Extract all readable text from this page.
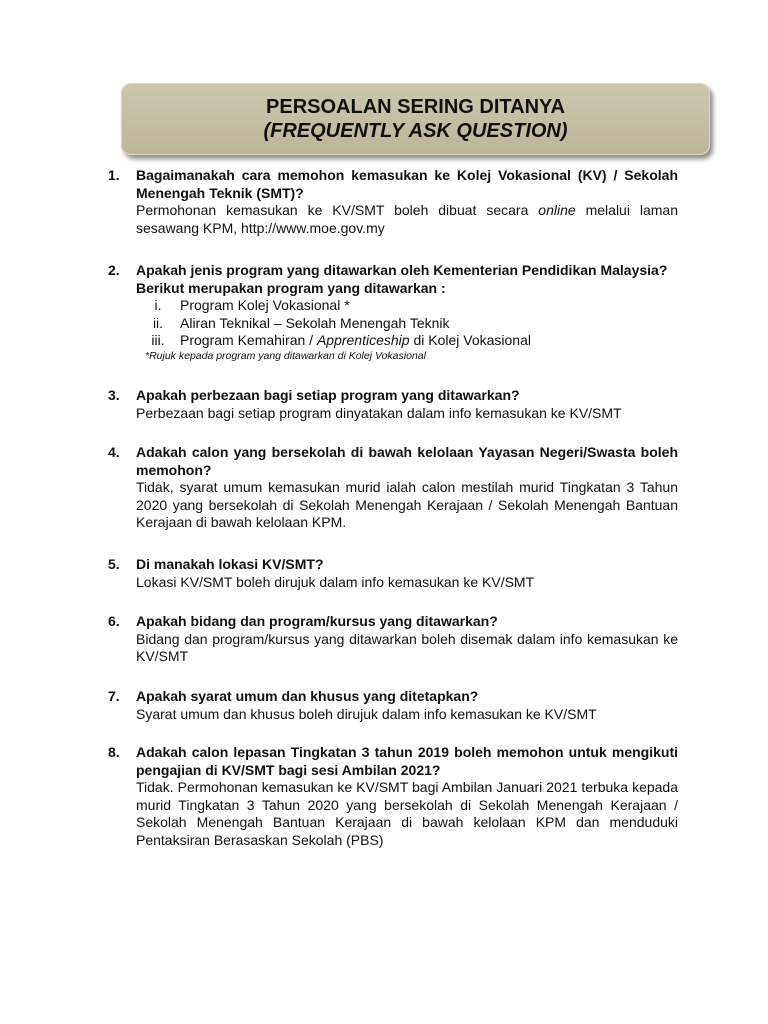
PERSOALAN SERING DITANYA
(FREQUENTLY ASK QUESTION)
1.	Bagaimanakah cara memohon kemasukan ke Kolej Vokasional (KV) / Sekolah Menengah Teknik (SMT)?
Permohonan kemasukan ke KV/SMT boleh dibuat secara online melalui laman sesawang KPM, http://www.moe.gov.my
2.	Apakah jenis program yang ditawarkan oleh Kementerian Pendidikan Malaysia?
Berikut merupakan program yang ditawarkan :
i.	Program Kolej Vokasional *
ii.	Aliran Teknikal – Sekolah Menengah Teknik
iii.	Program Kemahiran / Apprenticeship di Kolej Vokasional
*Rujuk kepada program yang ditawarkan di Kolej Vokasional
3.	Apakah perbezaan bagi setiap program yang ditawarkan?
Perbezaan bagi setiap program dinyatakan dalam info kemasukan ke KV/SMT
4.	Adakah calon yang bersekolah di bawah kelolaan Yayasan Negeri/Swasta boleh memohon?
Tidak, syarat umum kemasukan murid ialah calon mestilah murid Tingkatan 3 Tahun 2020 yang bersekolah di Sekolah Menengah Kerajaan / Sekolah Menengah Bantuan Kerajaan di bawah kelolaan KPM.
5.	Di manakah lokasi KV/SMT?
Lokasi KV/SMT boleh dirujuk dalam info kemasukan ke KV/SMT
6.	Apakah bidang dan program/kursus yang ditawarkan?
Bidang dan program/kursus yang ditawarkan boleh disemak dalam info kemasukan ke KV/SMT
7.	Apakah syarat umum dan khusus yang ditetapkan?
Syarat umum dan khusus boleh dirujuk dalam info kemasukan ke KV/SMT
8.	Adakah calon lepasan Tingkatan 3 tahun 2019 boleh memohon untuk mengikuti pengajian di KV/SMT bagi sesi Ambilan 2021?
Tidak. Permohonan kemasukan ke KV/SMT bagi Ambilan Januari 2021 terbuka kepada murid Tingkatan 3 Tahun 2020 yang bersekolah di Sekolah Menengah Kerajaan / Sekolah Menengah Bantuan Kerajaan di bawah kelolaan KPM dan menduduki Pentaksiran Berasaskan Sekolah (PBS)
